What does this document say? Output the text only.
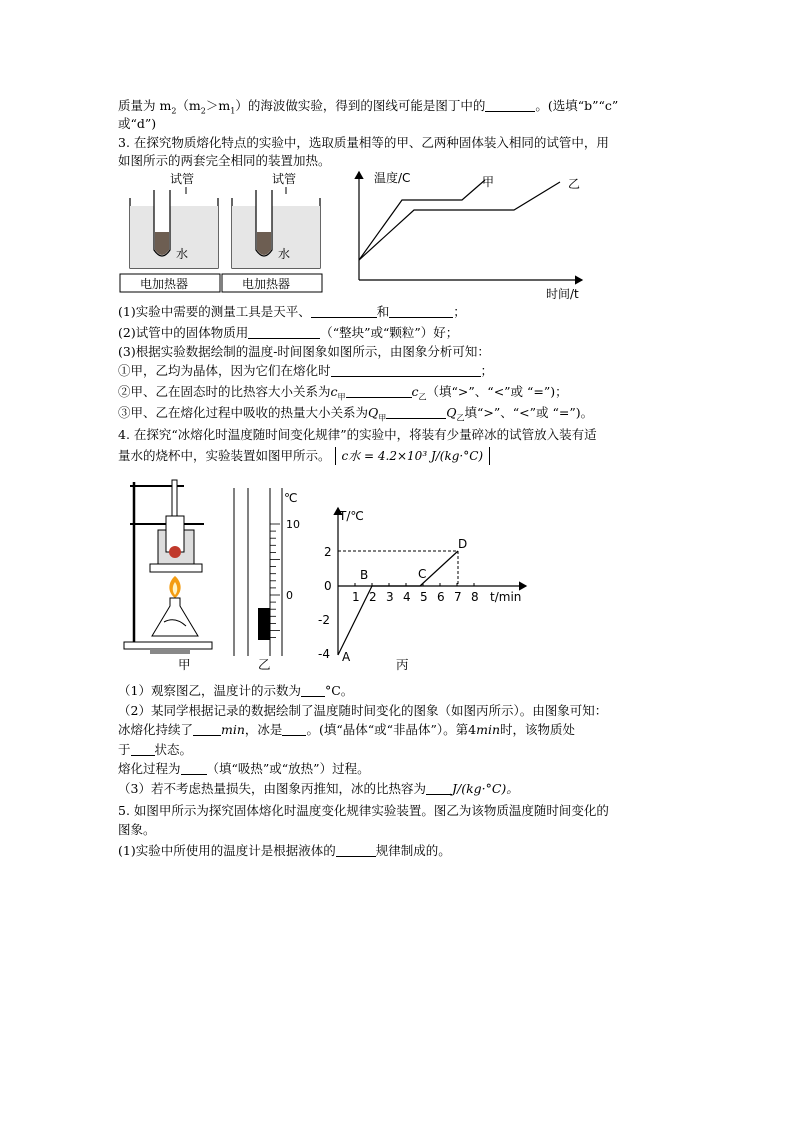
质量为 $m_2(m_2>m_1)$的海波做实验，得到的图线可能是图丁中的	。(选填“b”“c”
或“d”)
3. 在探究物质熔化特点的实验中，选取质量相等的甲、乙两种固体装入相同的试管中，用
如图所示的两套完全相同的装置加热。
试管
水
电加热器
试管
水
电加热器
温度/C
时间/t
甲	乙
(1)实验中需要的测量工具是天平、	和	；
(2)试管中的固体物质用	（“整块”或“颗粒”）好；
(3)根据实验数据绘制的温度-时间图象如图所示，由图象分析可知：
①甲，乙均为晶体，因为它们在熔化时	；
②甲、乙在固态时的比热容大小关系为$c_甲$	$c_乙$（填“>”、“<”或 “=”)；
③甲、乙在熔化过程中吸收的热量大小关系为$Q_甲$	$Q_乙$填“>”、“<”或 “=”)。
4. 在探究“冰熔化时温度随时间变化规律”的实验中，将装有少量碎冰的试管放入装有适
量水的烧杯中，实验装置如图甲所示。 c水 = 4.2×10³ J/(kg·°C)
℃
10
0
T/℃
t/min
2
0
-2
-4
1 2 3 4 5 6 7 8
A
B	C
D
甲	乙	丙
（1）观察图乙，温度计的示数为 °C。
（2）某同学根据记录的数据绘制了温度随时间变化的图象（如图丙所示）。由图象可知：
冰熔化持续了 min，冰是 。(填“晶体“或“非晶体”）。第4min时，该物质处
于 状态。
熔化过程为 （填“吸热”或“放热”）过程。
（3）若不考虑热量损失，由图象丙推知，冰的比热容为 J/(kg·°C)。
5. 如图甲所示为探究固体熔化时温度变化规律实验装置。图乙为该物质温度随时间变化的
图象。
(1)实验中所使用的温度计是根据液体的	规律制成的。
